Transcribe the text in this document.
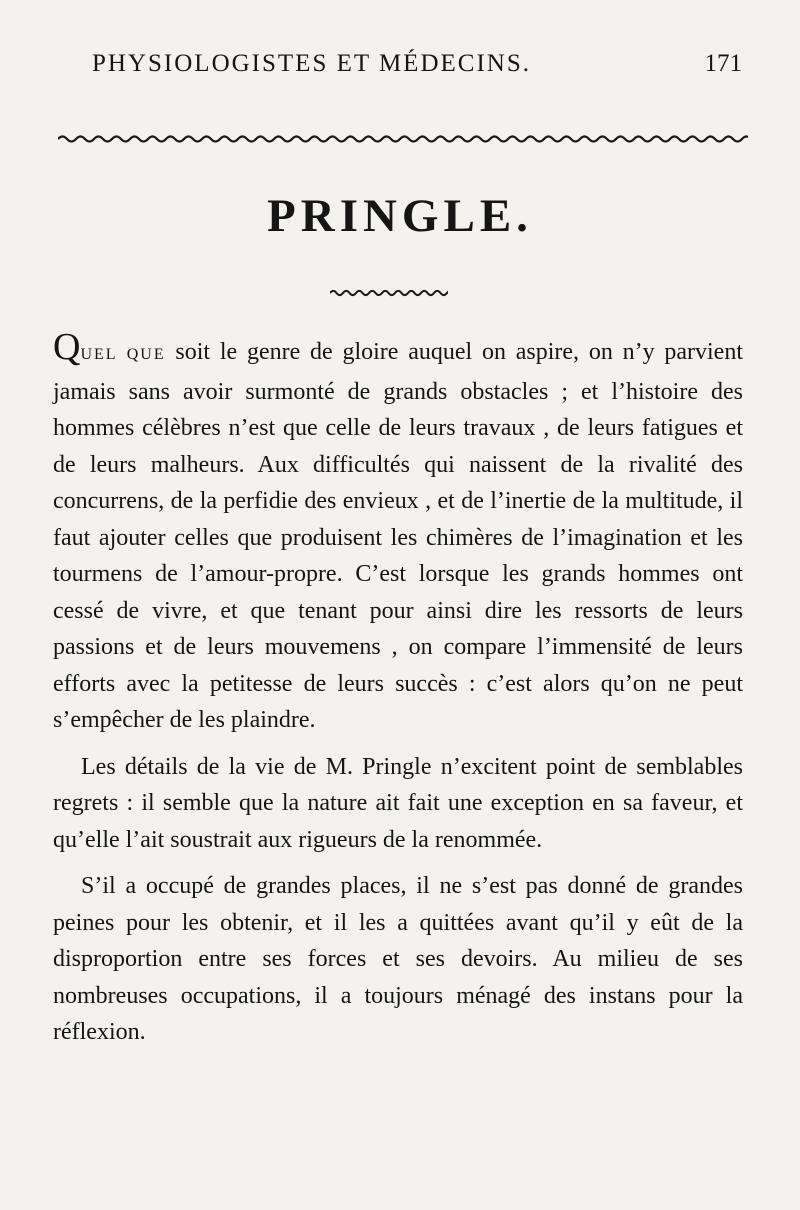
PHYSIOLOGISTES ET MÉDECINS.	171
PRINGLE.

QUEL QUE soit le genre de gloire auquel on aspire, on n’y parvient jamais sans avoir surmonté de grands obstacles ; et l’histoire des hommes célèbres n’est que celle de leurs travaux , de leurs fatigues et de leurs malheurs. Aux difficultés qui naissent de la rivalité des concurrens, de la perfidie des envieux , et de l’inertie de la multitude, il faut ajouter celles que produisent les chimères de l’imagination et les tourmens de l’amour-propre. C’est lorsque les grands hommes ont cessé de vivre, et que tenant pour ainsi dire les ressorts de leurs passions et de leurs mouvemens , on compare l’immensité de leurs efforts avec la petitesse de leurs succès : c’est alors qu’on ne peut s’empêcher de les plaindre.

Les détails de la vie de M. Pringle n’excitent point de semblables regrets : il semble que la nature ait fait une exception en sa faveur, et qu’elle l’ait soustrait aux rigueurs de la renommée.

S’il a occupé de grandes places, il ne s’est pas donné de grandes peines pour les obtenir, et il les a quittées avant qu’il y eût de la disproportion entre ses forces et ses devoirs. Au milieu de ses nombreuses occupations, il a toujours ménagé des instans pour la réflexion.
